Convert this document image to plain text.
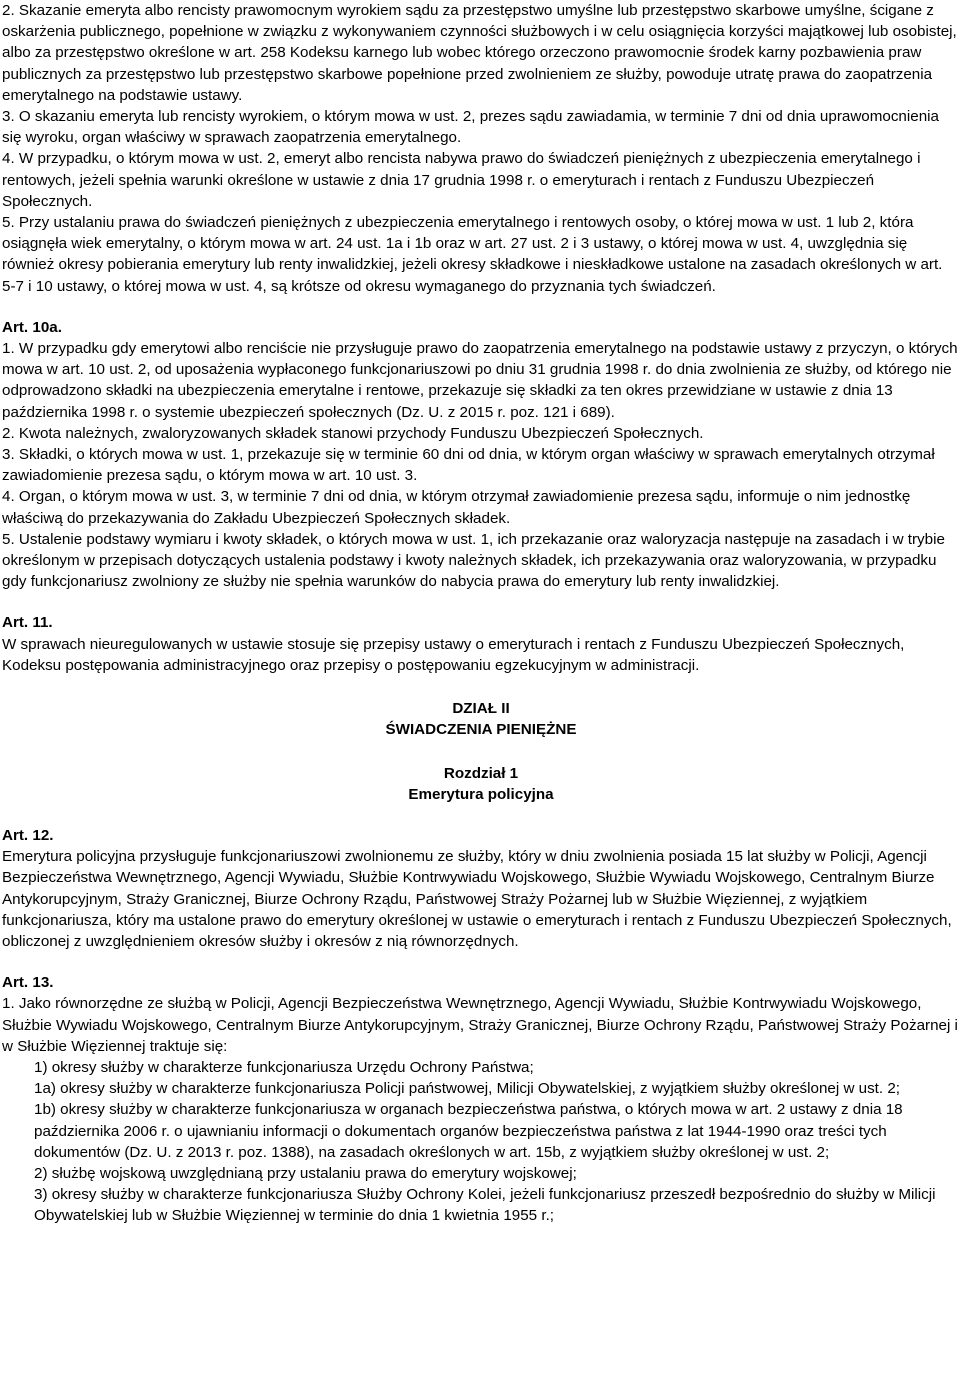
2. Skazanie emeryta albo rencisty prawomocnym wyrokiem sądu za przestępstwo umyślne lub przestępstwo skarbowe umyślne, ścigane z oskarżenia publicznego, popełnione w związku z wykonywaniem czynności służbowych i w celu osiągnięcia korzyści majątkowej lub osobistej, albo za przestępstwo określone w art. 258 Kodeksu karnego lub wobec którego orzeczono prawomocnie środek karny pozbawienia praw publicznych za przestępstwo lub przestępstwo skarbowe popełnione przed zwolnieniem ze służby, powoduje utratę prawa do zaopatrzenia emerytalnego na podstawie ustawy.

3. O skazaniu emeryta lub rencisty wyrokiem, o którym mowa w ust. 2, prezes sądu zawiadamia, w terminie 7 dni od dnia uprawomocnienia się wyroku, organ właściwy w sprawach zaopatrzenia emerytalnego.

4. W przypadku, o którym mowa w ust. 2, emeryt albo rencista nabywa prawo do świadczeń pieniężnych z ubezpieczenia emerytalnego i rentowych, jeżeli spełnia warunki określone w ustawie z dnia 17 grudnia 1998 r. o emeryturach i rentach z Funduszu Ubezpieczeń Społecznych.

5. Przy ustalaniu prawa do świadczeń pieniężnych z ubezpieczenia emerytalnego i rentowych osoby, o której mowa w ust. 1 lub 2, która osiągnęła wiek emerytalny, o którym mowa w art. 24 ust. 1a i 1b oraz w art. 27 ust. 2 i 3 ustawy, o której mowa w ust. 4, uwzględnia się również okresy pobierania emerytury lub renty inwalidzkiej, jeżeli okresy składkowe i nieskładkowe ustalone na zasadach określonych w art. 5-7 i 10 ustawy, o której mowa w ust. 4, są krótsze od okresu wymaganego do przyznania tych świadczeń.

Art. 10a.

1. W przypadku gdy emerytowi albo renciście nie przysługuje prawo do zaopatrzenia emerytalnego na podstawie ustawy z przyczyn, o których mowa w art. 10 ust. 2, od uposażenia wypłaconego funkcjonariuszowi po dniu 31 grudnia 1998 r. do dnia zwolnienia ze służby, od którego nie odprowadzono składki na ubezpieczenia emerytalne i rentowe, przekazuje się składki za ten okres przewidziane w ustawie z dnia 13 października 1998 r. o systemie ubezpieczeń społecznych (Dz. U. z 2015 r. poz. 121 i 689).

2. Kwota należnych, zwaloryzowanych składek stanowi przychody Funduszu Ubezpieczeń Społecznych.

3. Składki, o których mowa w ust. 1, przekazuje się w terminie 60 dni od dnia, w którym organ właściwy w sprawach emerytalnych otrzymał zawiadomienie prezesa sądu, o którym mowa w art. 10 ust. 3.

4. Organ, o którym mowa w ust. 3, w terminie 7 dni od dnia, w którym otrzymał zawiadomienie prezesa sądu, informuje o nim jednostkę właściwą do przekazywania do Zakładu Ubezpieczeń Społecznych składek.

5. Ustalenie podstawy wymiaru i kwoty składek, o których mowa w ust. 1, ich przekazanie oraz waloryzacja następuje na zasadach i w trybie określonym w przepisach dotyczących ustalenia podstawy i kwoty należnych składek, ich przekazywania oraz waloryzowania, w przypadku gdy funkcjonariusz zwolniony ze służby nie spełnia warunków do nabycia prawa do emerytury lub renty inwalidzkiej.

Art. 11.

W sprawach nieuregulowanych w ustawie stosuje się przepisy ustawy o emeryturach i rentach z Funduszu Ubezpieczeń Społecznych, Kodeksu postępowania administracyjnego oraz przepisy o postępowaniu egzekucyjnym w administracji.

DZIAŁ II

ŚWIADCZENIA PIENIĘŻNE

Rozdział 1

Emerytura policyjna

Art. 12.

Emerytura policyjna przysługuje funkcjonariuszowi zwolnionemu ze służby, który w dniu zwolnienia posiada 15 lat służby w Policji, Agencji Bezpieczeństwa Wewnętrznego, Agencji Wywiadu, Służbie Kontrwywiadu Wojskowego, Służbie Wywiadu Wojskowego, Centralnym Biurze Antykorupcyjnym, Straży Granicznej, Biurze Ochrony Rządu, Państwowej Straży Pożarnej lub w Służbie Więziennej, z wyjątkiem funkcjonariusza, który ma ustalone prawo do emerytury określonej w ustawie o emeryturach i rentach z Funduszu Ubezpieczeń Społecznych, obliczonej z uwzględnieniem okresów służby i okresów z nią równorzędnych.

Art. 13.

1. Jako równorzędne ze służbą w Policji, Agencji Bezpieczeństwa Wewnętrznego, Agencji Wywiadu, Służbie Kontrwywiadu Wojskowego, Służbie Wywiadu Wojskowego, Centralnym Biurze Antykorupcyjnym, Straży Granicznej, Biurze Ochrony Rządu, Państwowej Straży Pożarnej i w Służbie Więziennej traktuje się:

1) okresy służby w charakterze funkcjonariusza Urzędu Ochrony Państwa;

1a) okresy służby w charakterze funkcjonariusza Policji państwowej, Milicji Obywatelskiej, z wyjątkiem służby określonej w ust. 2;

1b) okresy służby w charakterze funkcjonariusza w organach bezpieczeństwa państwa, o których mowa w art. 2 ustawy z dnia 18 października 2006 r. o ujawnianiu informacji o dokumentach organów bezpieczeństwa państwa z lat 1944-1990 oraz treści tych dokumentów (Dz. U. z 2013 r. poz. 1388), na zasadach określonych w art. 15b, z wyjątkiem służby określonej w ust. 2;

2) służbę wojskową uwzględnianą przy ustalaniu prawa do emerytury wojskowej;

3) okresy służby w charakterze funkcjonariusza Służby Ochrony Kolei, jeżeli funkcjonariusz przeszedł bezpośrednio do służby w Milicji Obywatelskiej lub w Służbie Więziennej w terminie do dnia 1 kwietnia 1955 r.;
